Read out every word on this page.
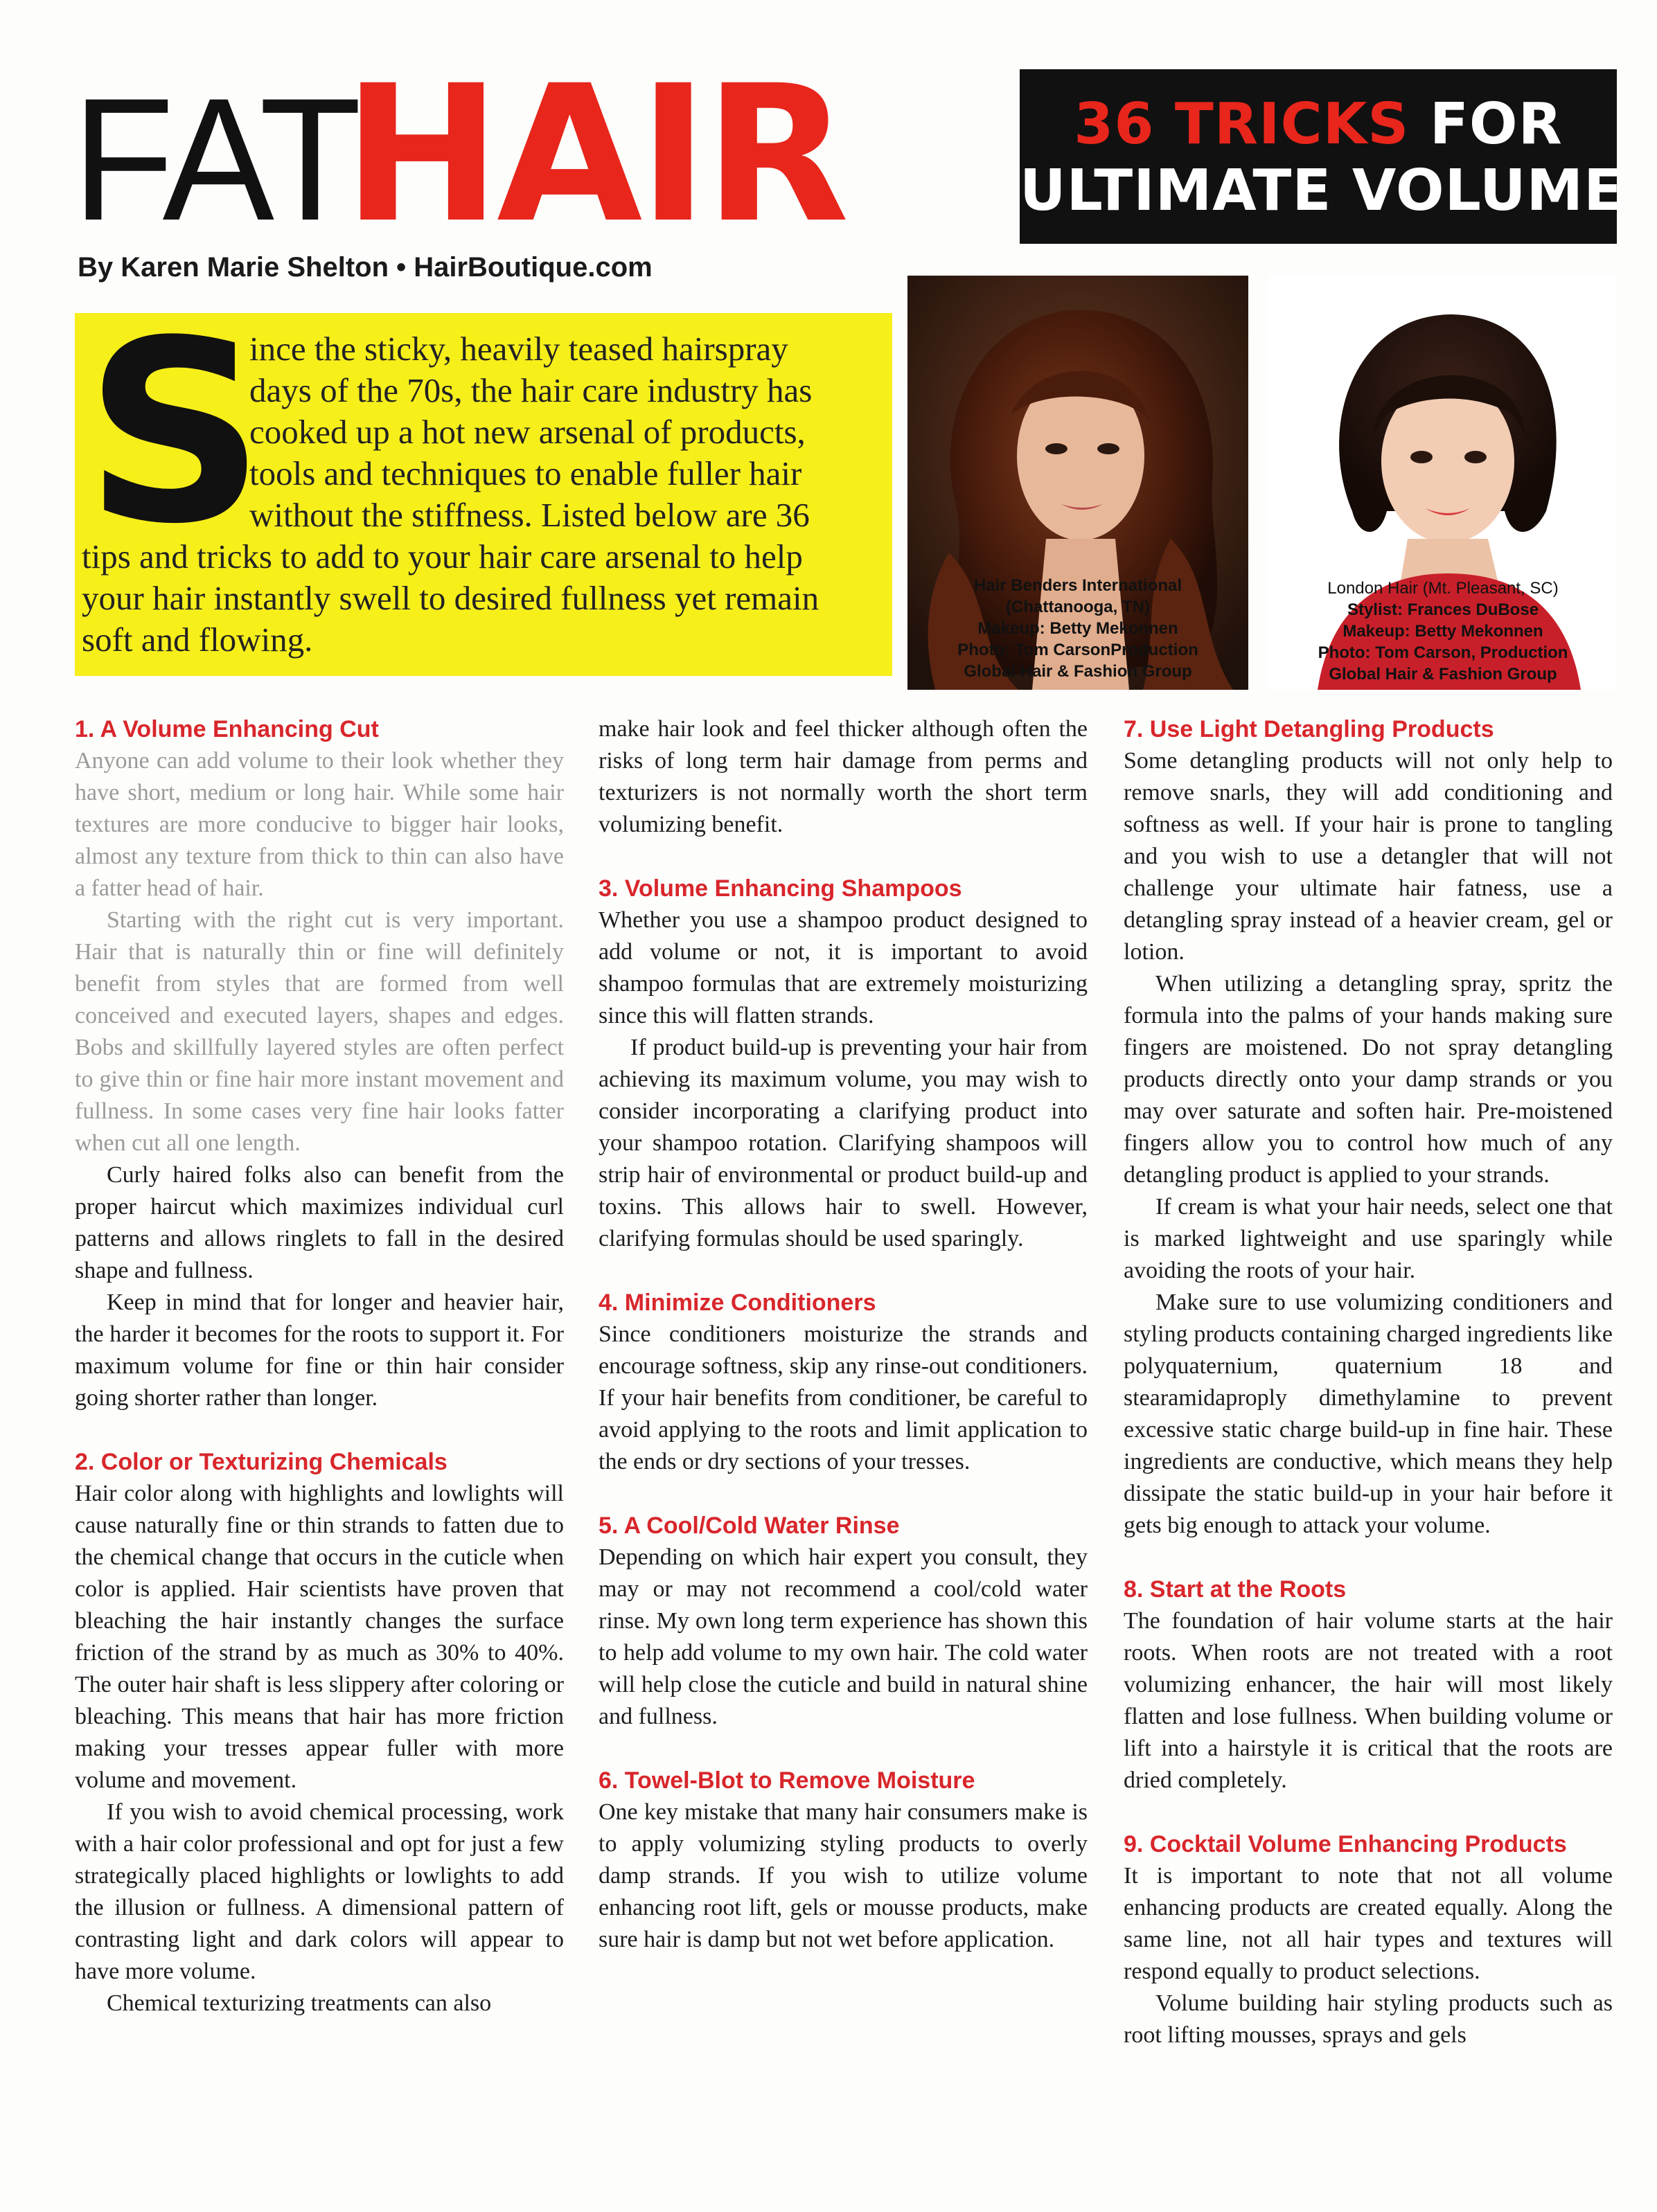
FATHAIR	36 TRICKS FOR
ULTIMATE VOLUME
By Karen Marie Shelton • HairBoutique.com
S
ince the sticky, heavily teased hairspray
days of the 70s, the hair care industry has
cooked up a hot new arsenal of products,
tools and techniques to enable fuller hair
without the stiffness. Listed below are 36
tips and tricks to add to your hair care arsenal to help
your hair instantly swell to desired fullness yet remain
soft and flowing.
Hair Benders International
(Chattanooga, TN)
Makeup: Betty Mekonnen
Photo: Tom CarsonProduction
Global Hair & Fashion Group
London Hair (Mt. Pleasant, SC)
Stylist: Frances DuBose
Makeup: Betty Mekonnen
Photo: Tom Carson, Production
Global Hair & Fashion Group
1. A Volume Enhancing Cut

Anyone can add volume to their look whether they have short, medium or long hair. While some hair textures are more conducive to bigger hair looks, almost any texture from thick to thin can also have a fatter head of hair.

Starting with the right cut is very important. Hair that is naturally thin or fine will definitely benefit from styles that are formed from well conceived and executed layers, shapes and edges. Bobs and skillfully layered styles are often perfect to give thin or fine hair more instant movement and fullness. In some cases very fine hair looks fatter when cut all one length.

Curly haired folks also can benefit from the proper haircut which maximizes individual curl patterns and allows ringlets to fall in the desired shape and fullness.

Keep in mind that for longer and heavier hair, the harder it becomes for the roots to support it. For maximum volume for fine or thin hair consider going shorter rather than longer.

2. Color or Texturizing Chemicals

Hair color along with highlights and lowlights will cause naturally fine or thin strands to fatten due to the chemical change that occurs in the cuticle when color is applied. Hair scientists have proven that bleaching the hair instantly changes the surface friction of the strand by as much as 30% to 40%. The outer hair shaft is less slippery after coloring or bleaching. This means that hair has more friction making your tresses appear fuller with more volume and movement.

If you wish to avoid chemical processing, work with a hair color professional and opt for just a few strategically placed highlights or lowlights to add the illusion or fullness. A dimensional pattern of contrasting light and dark colors will appear to have more volume.

Chemical texturizing treatments can also

make hair look and feel thicker although often the risks of long term hair damage from perms and texturizers is not normally worth the short term volumizing benefit.

3. Volume Enhancing Shampoos

Whether you use a shampoo product designed to add volume or not, it is important to avoid shampoo formulas that are extremely moisturizing since this will flatten strands.

If product build-up is preventing your hair from achieving its maximum volume, you may wish to consider incorporating a clarifying product into your shampoo rotation. Clarifying shampoos will strip hair of environmental or product build-up and toxins. This allows hair to swell. However, clarifying formulas should be used sparingly.

4. Minimize Conditioners

Since conditioners moisturize the strands and encourage softness, skip any rinse-out conditioners. If your hair benefits from conditioner, be careful to avoid applying to the roots and limit application to the ends or dry sections of your tresses.

5. A Cool/Cold Water Rinse

Depending on which hair expert you consult, they may or may not recommend a cool/cold water rinse. My own long term experience has shown this to help add volume to my own hair. The cold water will help close the cuticle and build in natural shine and fullness.

6. Towel-Blot to Remove Moisture

One key mistake that many hair consumers make is to apply volumizing styling products to overly damp strands. If you wish to utilize volume enhancing root lift, gels or mousse products, make sure hair is damp but not wet before application.

7. Use Light Detangling Products

Some detangling products will not only help to remove snarls, they will add conditioning and softness as well. If your hair is prone to tangling and you wish to use a detangler that will not challenge your ultimate hair fatness, use a detangling spray instead of a heavier cream, gel or lotion.

When utilizing a detangling spray, spritz the formula into the palms of your hands making sure fingers are moistened. Do not spray detangling products directly onto your damp strands or you may over saturate and soften hair. Pre-moistened fingers allow you to control how much of any detangling product is applied to your strands.

If cream is what your hair needs, select one that is marked lightweight and use sparingly while avoiding the roots of your hair.

Make sure to use volumizing conditioners and styling products containing charged ingredients like polyquaternium, quaternium 18 and stearamidaproply dimethylamine to prevent excessive static charge build-up in fine hair. These ingredients are conductive, which means they help dissipate the static build-up in your hair before it gets big enough to attack your volume.

8. Start at the Roots

The foundation of hair volume starts at the hair roots. When roots are not treated with a root volumizing enhancer, the hair will most likely flatten and lose fullness. When building volume or lift into a hairstyle it is critical that the roots are dried completely.

9. Cocktail Volume Enhancing Products

It is important to note that not all volume enhancing products are created equally. Along the same line, not all hair types and textures will respond equally to product selections.

Volume building hair styling products such as root lifting mousses, sprays and gels
